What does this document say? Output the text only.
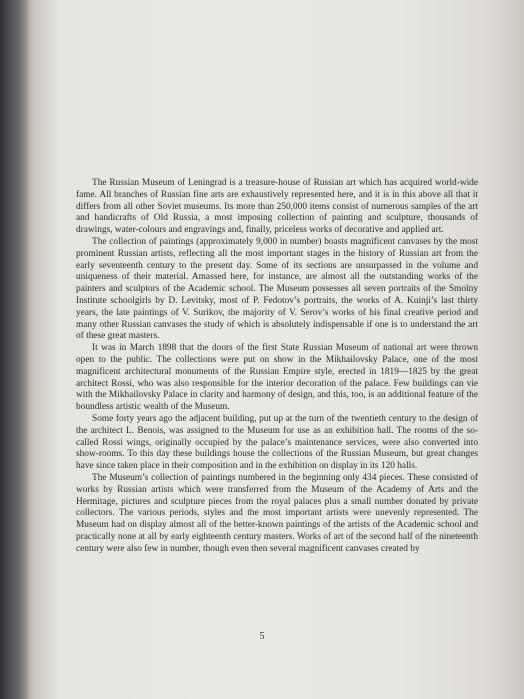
The Russian Museum of Leningrad is a treasure-house of Russian art which has acquired world-wide fame. All branches of Russian fine arts are exhaustively represented here, and it is in this above all that it differs from all other Soviet museums. Its more than 250,000 items consist of numerous samples of the art and handicrafts of Old Russia, a most imposing collection of painting and sculpture, thousands of drawings, water-colours and engravings and, finally, priceless works of decorative and applied art.

The collection of paintings (approximately 9,000 in number) boasts magnificent canvases by the most prominent Russian artists, reflecting all the most important stages in the history of Russian art from the early seventeenth century to the present day. Some of its sections are unsurpassed in the volume and uniqueness of their material. Amassed here, for instance, are almost all the outstanding works of the painters and sculptors of the Academic school. The Museum possesses all seven portraits of the Smolny Institute schoolgirls by D. Levitsky, most of P. Fedotov’s portraits, the works of A. Kuinji’s last thirty years, the late paintings of V. Surikov, the majority of V. Serov’s works of his final creative period and many other Russian canvases the study of which is absolutely indispensable if one is to understand the art of these great masters.

It was in March 1898 that the doors of the first State Russian Museum of national art were thrown open to the public. The collections were put on show in the Mikhailovsky Palace, one of the most magnificent architectural monuments of the Russian Empire style, erected in 1819—1825 by the great architect Rossi, who was also responsible for the interior decoration of the palace. Few buildings can vie with the Mikhailovsky Palace in clarity and harmony of design, and this, too, is an additional feature of the boundless artistic wealth of the Museum.

Some forty years ago the adjacent building, put up at the turn of the twentieth century to the design of the architect L. Benois, was assigned to the Museum for use as an exhibition hall. The rooms of the so-called Rossi wings, originally occupied by the palace’s maintenance services, were also converted into show-rooms. To this day these buildings house the collections of the Russian Museum, but great changes have since taken place in their composition and in the exhibition on display in its 120 halls.

The Museum’s collection of paintings numbered in the beginning only 434 pieces. These consisted of works by Russian artists which were transferred from the Museum of the Academy of Arts and the Hermitage, pictures and sculpture pieces from the royal palaces plus a small number donated by private collectors. The various periods, styles and the most important artists were unevenly represented. The Museum had on display almost all of the better-known paintings of the artists of the Academic school and practically none at all by early eighteenth century masters. Works of art of the second half of the nineteenth century were also few in number, though even then several magnificent canvases created by

5
